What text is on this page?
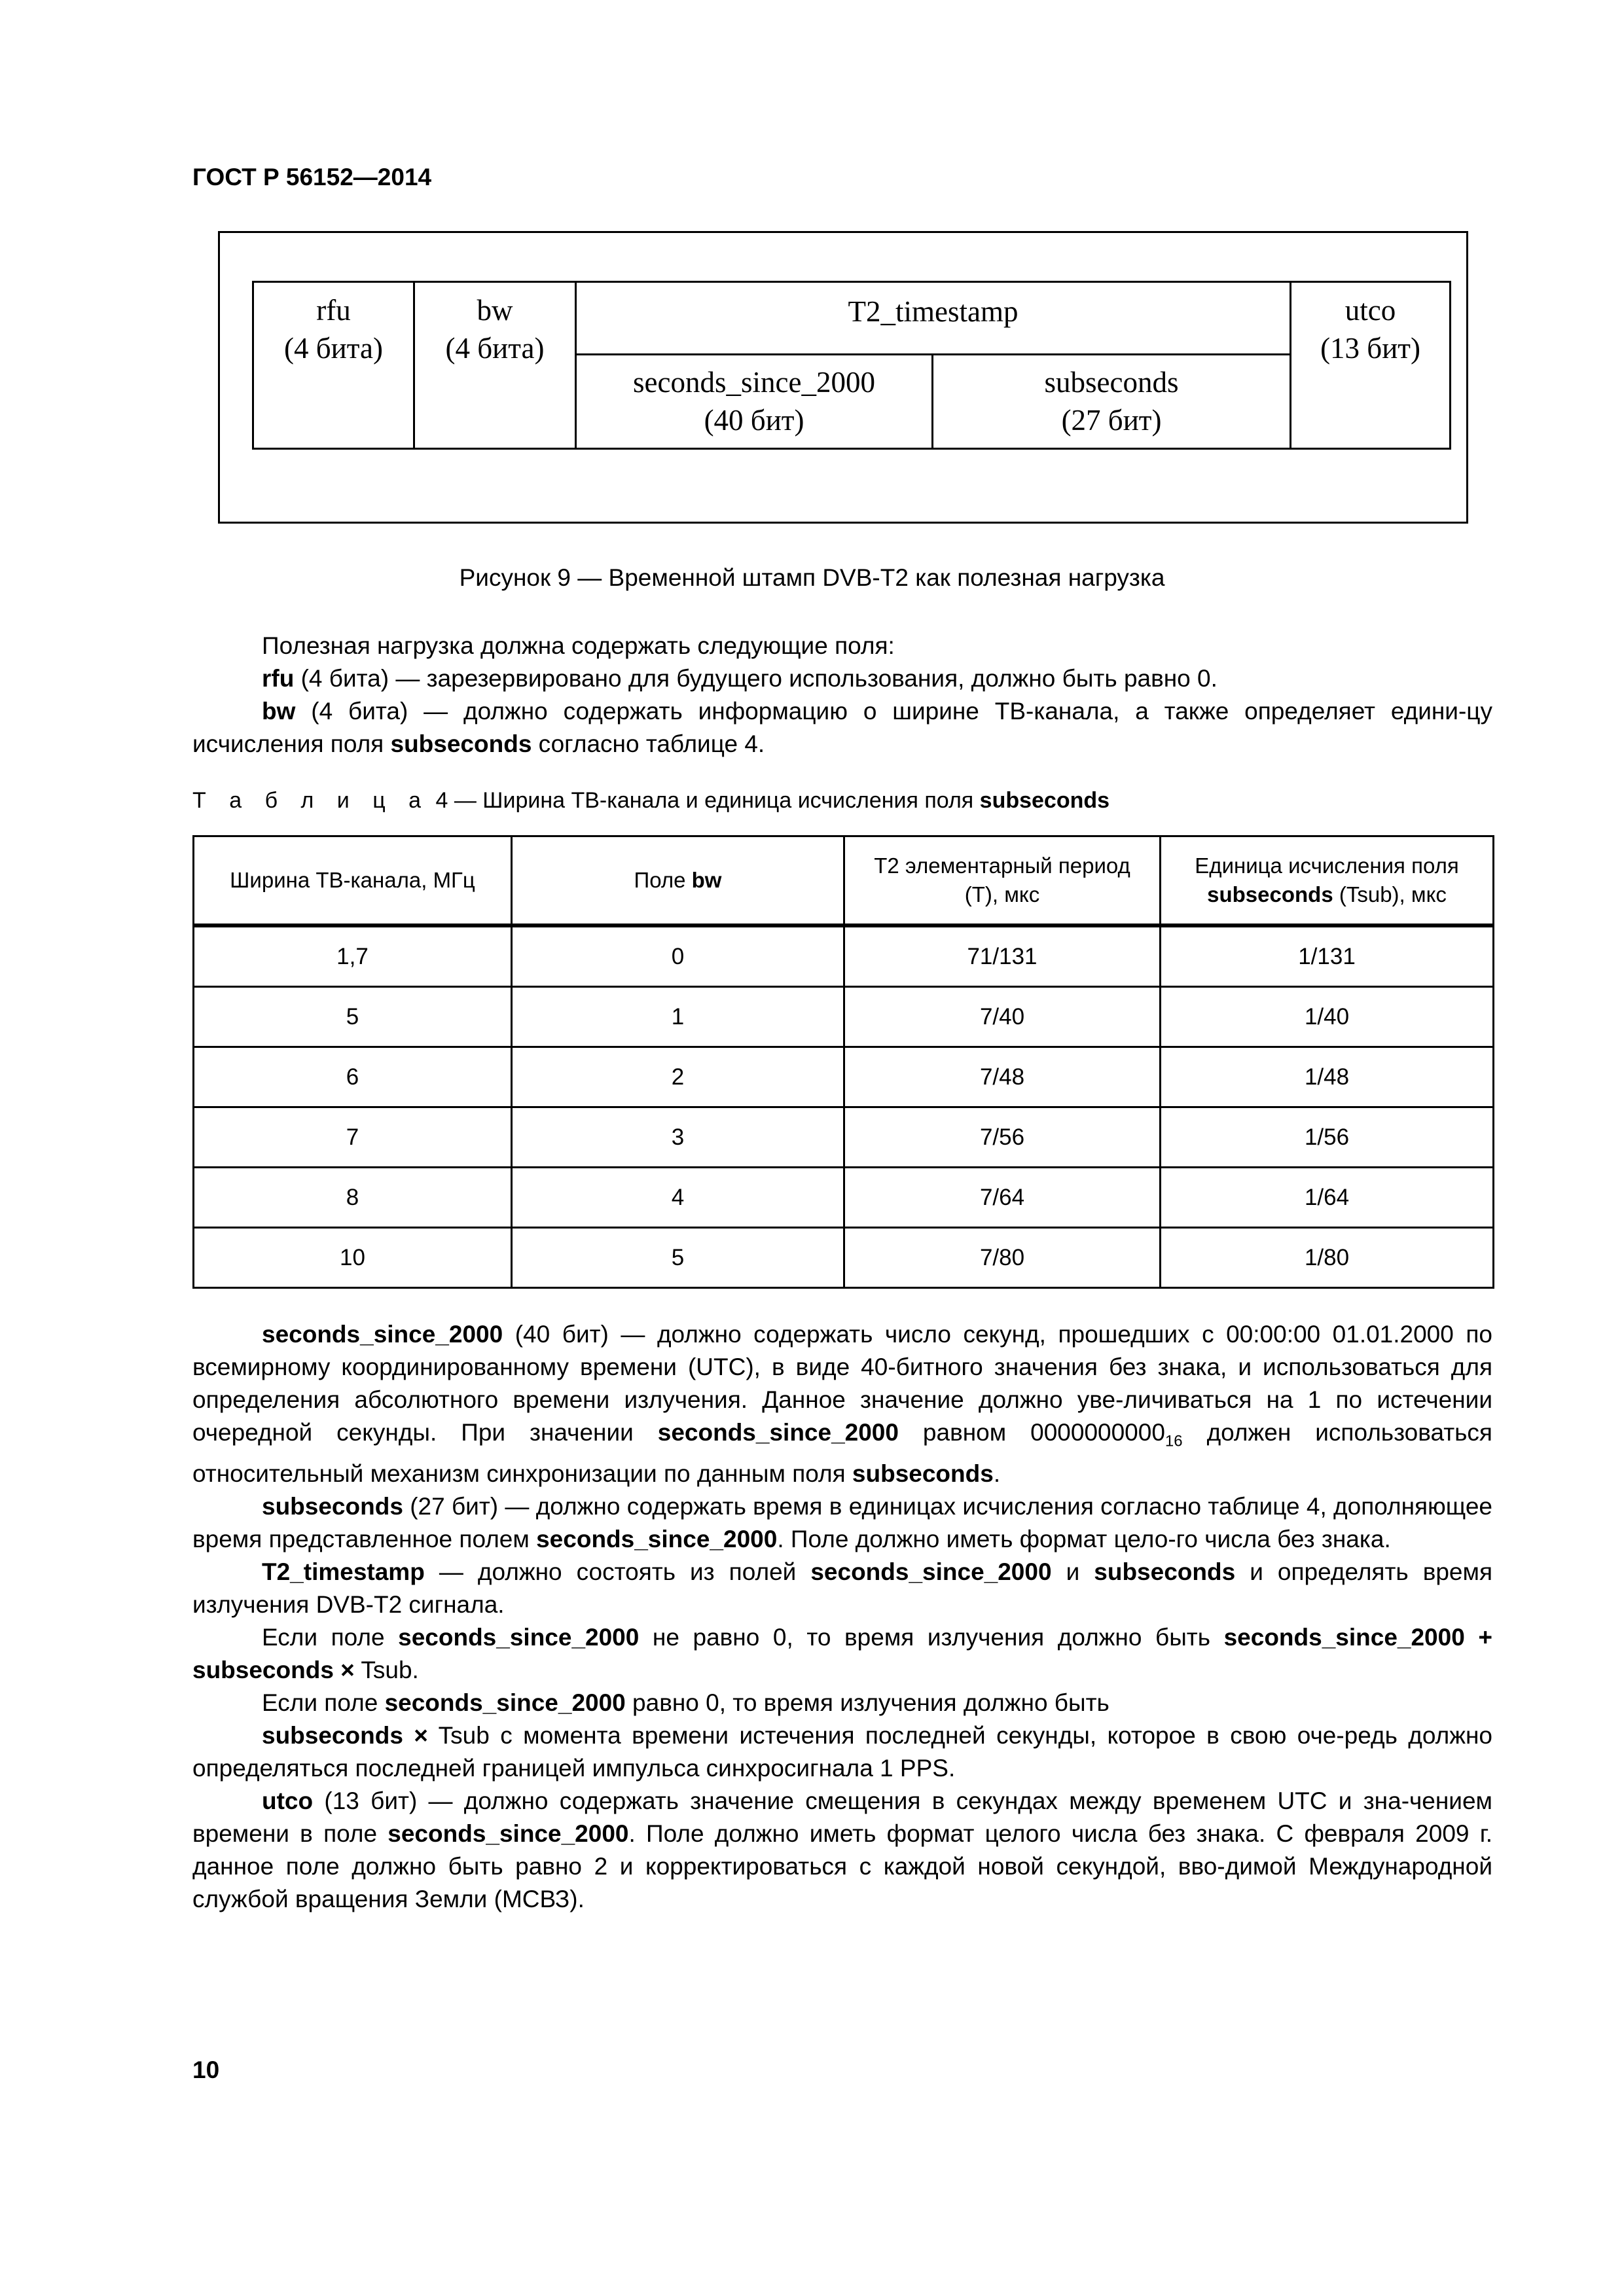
ГОСТ Р 56152—2014
rfu
(4 бита)
bw
(4 бита)
T2_timestamp
seconds_since_2000
(40 бит)
subseconds
(27 бит)
utco
(13 бит)
Рисунок 9 — Временной штамп DVB-T2 как полезная нагрузка

Полезная нагрузка должна содержать следующие поля:

rfu (4 бита) — зарезервировано для будущего использования, должно быть равно 0.

bw (4 бита) — должно содержать информацию о ширине ТВ-канала, а также определяет едини-цу исчисления поля subseconds согласно таблице 4.

Т а б л и ц а 4 — Ширина ТВ-канала и единица исчисления поля subseconds
Ширина ТВ-канала, МГц	Поле bw	T2 элементарный период (T), мкс	Единица исчисления поля subseconds (Tsub), мкс

1,7	0	71/131	1/131
5	1	7/40	1/40
6	2	7/48	1/48
7	3	7/56	1/56
8	4	7/64	1/64
10	5	7/80	1/80

seconds_since_2000 (40 бит) — должно содержать число секунд, прошедших с 00:00:00 01.01.2000 по всемирному координированному времени (UTC), в виде 40-битного значения без знака, и использоваться для определения абсолютного времени излучения. Данное значение должно уве-личиваться на 1 по истечении очередной секунды. При значении seconds_since_2000 равном $0000000000_{16}$ должен использоваться относительный механизм синхронизации по данным поля subseconds.

subseconds (27 бит) — должно содержать время в единицах исчисления согласно таблице 4, дополняющее время представленное полем seconds_since_2000. Поле должно иметь формат цело-го числа без знака.

T2_timestamp — должно состоять из полей seconds_since_2000 и subseconds и определять время излучения DVB-T2 сигнала.

Если поле seconds_since_2000 не равно 0, то время излучения должно быть seconds_since_2000 + subseconds × Tsub.

Если поле seconds_since_2000 равно 0, то время излучения должно быть

subseconds × Tsub с момента времени истечения последней секунды, которое в свою оче-редь должно определяться последней границей импульса синхросигнала 1 PPS.

utco (13 бит) — должно содержать значение смещения в секундах между временем UTC и зна-чением времени в поле seconds_since_2000. Поле должно иметь формат целого числа без знака. С февраля 2009 г. данное поле должно быть равно 2 и корректироваться с каждой новой секундой, вво-димой Международной службой вращения Земли (МСВЗ).

10
